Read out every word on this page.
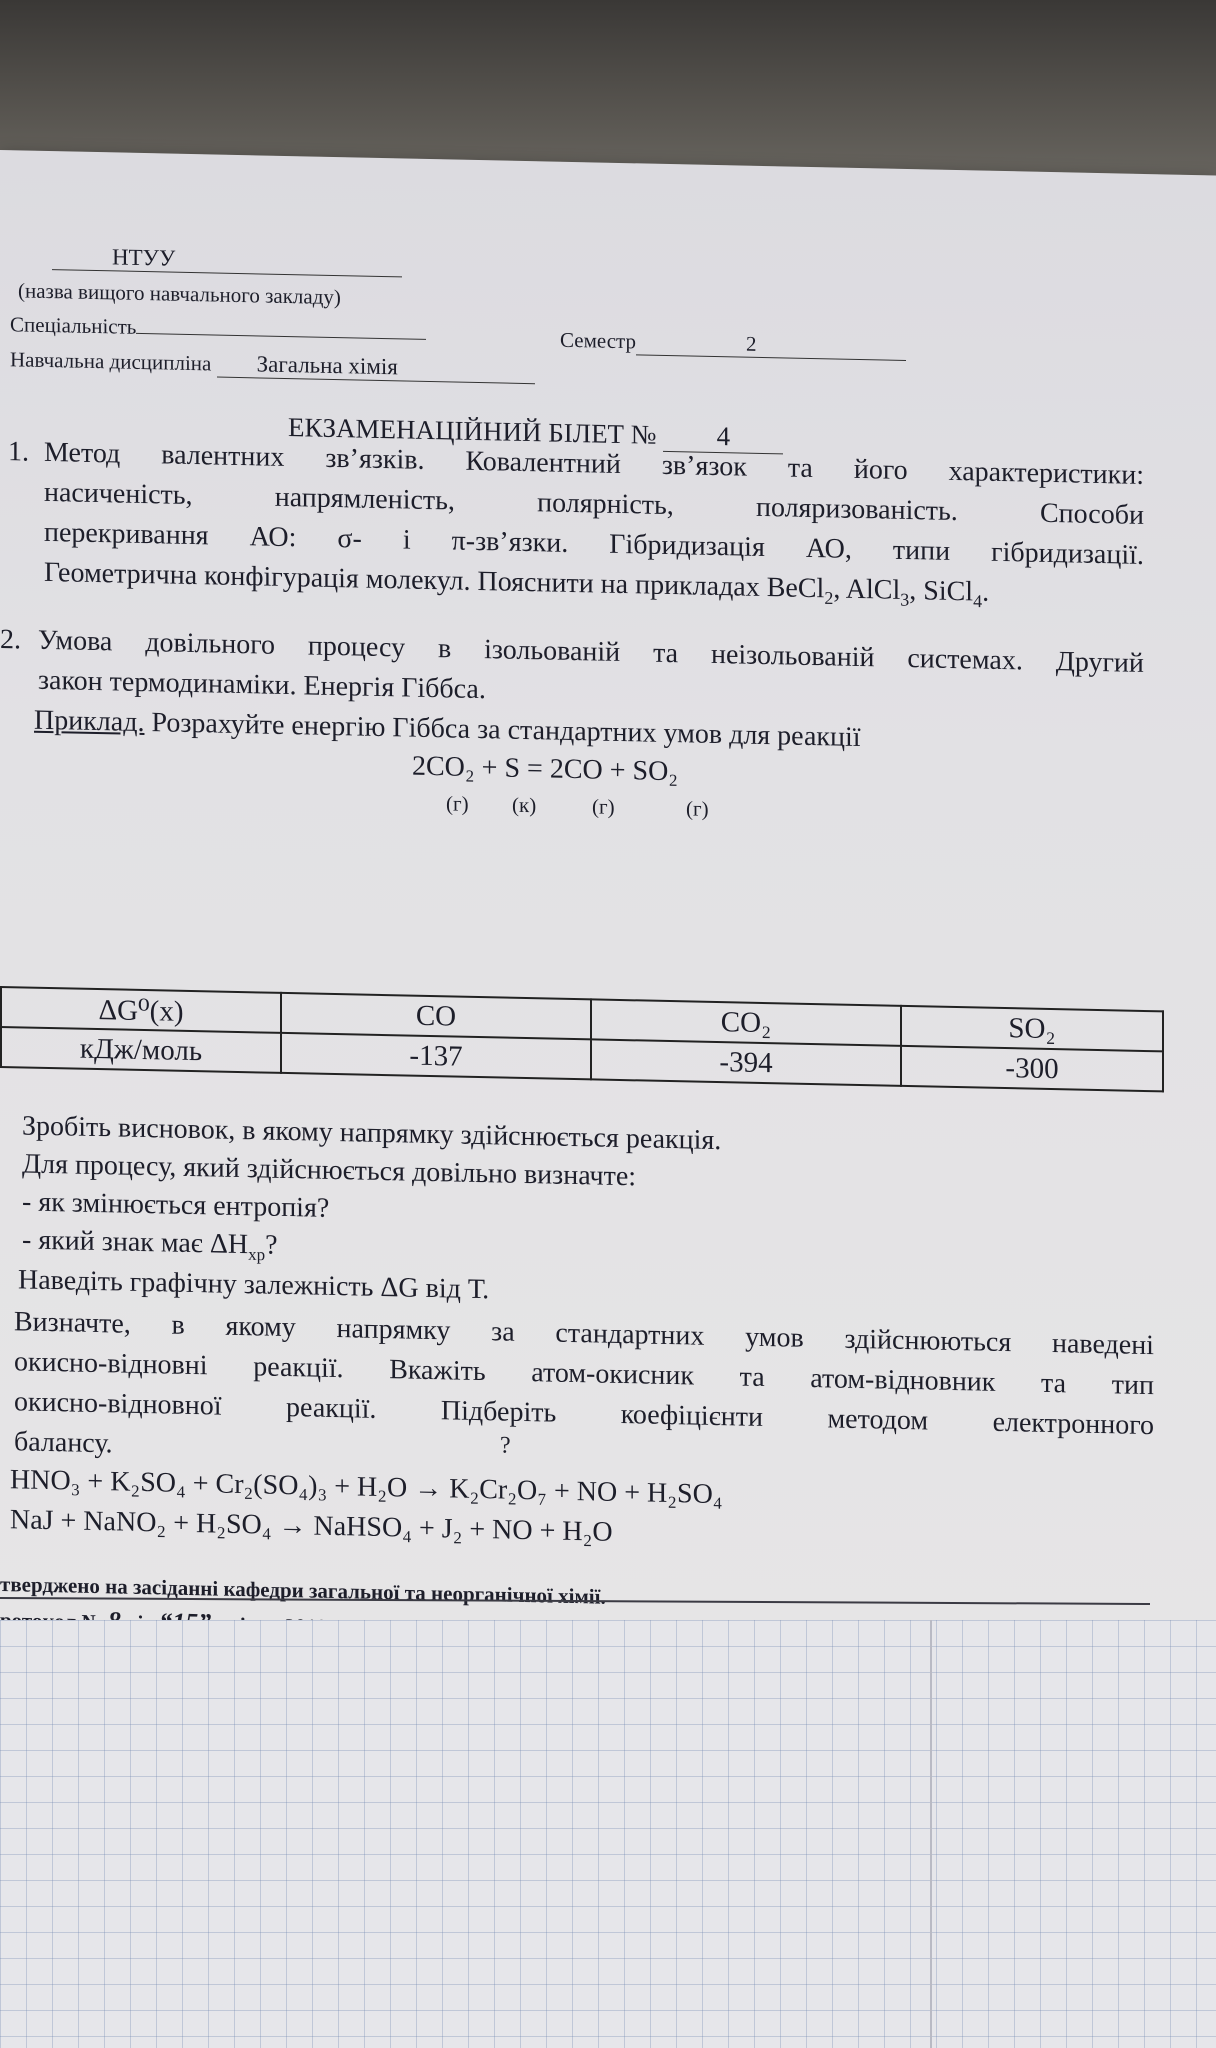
НТУУ
(назва вищого навчального закладу)
Спеціальність
Семестр	2
Навчальна дисципліна Загальна хімія
ЕКЗАМЕНАЦІЙНИЙ БІЛЕТ № 4
1. Метод валентних зв’язків. Ковалентний зв’язок та його характеристики:
насиченість,	напрямленість,	полярність,	поляризованість.	Способи
перекривання АО: σ- і π-зв’язки. Гібридизація АО, типи гібридизації.
Геометрична конфігурація молекул. Пояснити на прикладах BeCl$_2$, AlCl$_3$, SiCl$_4$.
2. Умова довільного процесу в ізольованій та неізольованій системах. Другий
закон термодинаміки. Енергія Гіббса.
Приклад. Розрахуйте енергію Гіббса за стандартних умов для реакції
2CO₂ + S = 2CO + SO₂
(г) (к)	(г)	(г)
ΔG⁰(x)	CO	CO₂	SO₂
кДж/моль	-137	-394	-300
Зробіть висновок, в якому напрямку здійснюється реакція.
Для процесу, який здійснюється довільно визначте:
- як змінюється ентропія?
- який знак має $\Delta H_{хр}$?
Наведіть графічну залежність ΔG від Т.
Визначте, в якому напрямку за стандартних умов здійснюються наведені
окисно-відновні реакції. Вкажіть атом-окисник та атом-відновник та тип
окисно-відновної реакції. Підберіть коефіцієнти методом електронного
балансу.	?
HNO₃ + K₂SO₄ + Cr₂(SO₄)₃ + H₂O → K₂Cr₂O₇ + NO + H₂SO₄
NaJ + NaNO₂ + H₂SO₄ → NaHSO₄ + J₂ + NO + H₂O
тверджено на засіданні кафедри загальної та неорганічної хімії.
